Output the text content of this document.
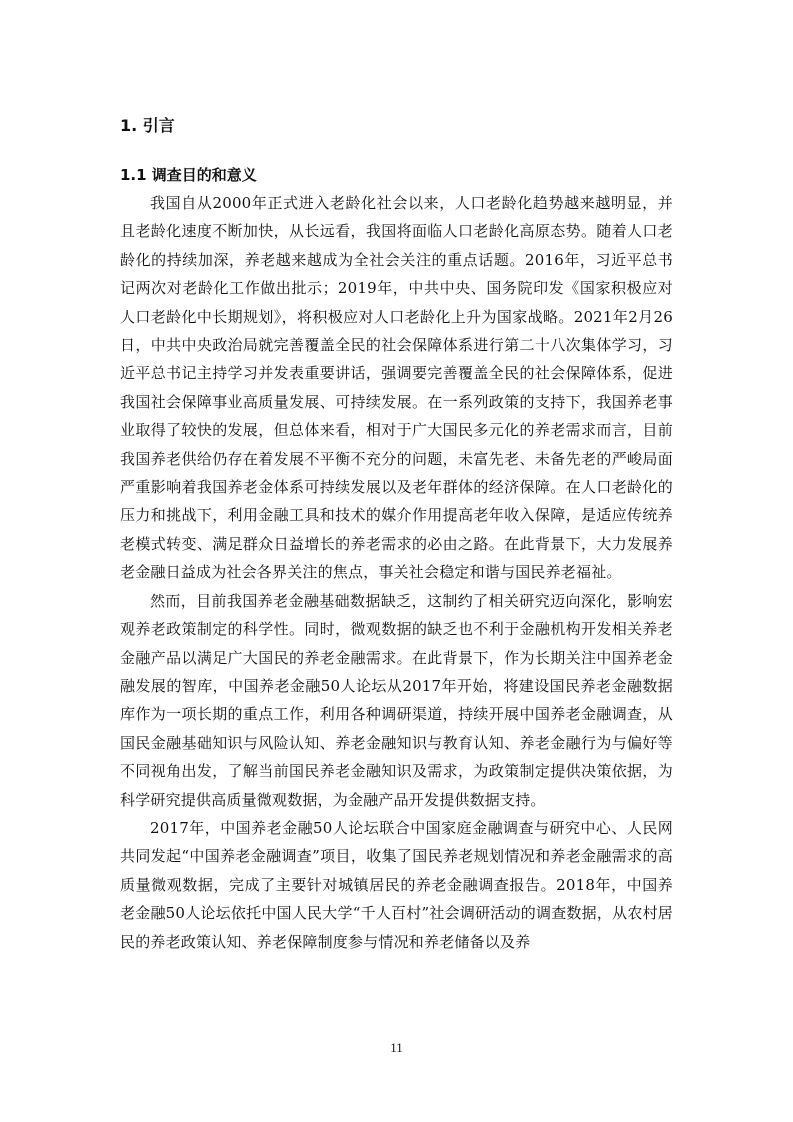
1. 引言
1.1 调查目的和意义

我国自从2000年正式进入老龄化社会以来，人口老龄化趋势越来越明显，并且老龄化速度不断加快，从长远看，我国将面临人口老龄化高原态势。随着人口老龄化的持续加深，养老越来越成为全社会关注的重点话题。2016年，习近平总书记两次对老龄化工作做出批示；2019年，中共中央、国务院印发《国家积极应对人口老龄化中长期规划》，将积极应对人口老龄化上升为国家战略。2021年2月26日，中共中央政治局就完善覆盖全民的社会保障体系进行第二十八次集体学习，习近平总书记主持学习并发表重要讲话，强调要完善覆盖全民的社会保障体系，促进我国社会保障事业高质量发展、可持续发展。在一系列政策的支持下，我国养老事业取得了较快的发展，但总体来看，相对于广大国民多元化的养老需求而言，目前我国养老供给仍存在着发展不平衡不充分的问题，未富先老、未备先老的严峻局面严重影响着我国养老金体系可持续发展以及老年群体的经济保障。在人口老龄化的压力和挑战下，利用金融工具和技术的媒介作用提高老年收入保障，是适应传统养老模式转变、满足群众日益增长的养老需求的必由之路。在此背景下，大力发展养老金融日益成为社会各界关注的焦点，事关社会稳定和谐与国民养老福祉。

然而，目前我国养老金融基础数据缺乏，这制约了相关研究迈向深化，影响宏观养老政策制定的科学性。同时，微观数据的缺乏也不利于金融机构开发相关养老金融产品以满足广大国民的养老金融需求。在此背景下，作为长期关注中国养老金融发展的智库，中国养老金融50人论坛从2017年开始，将建设国民养老金融数据库作为一项长期的重点工作，利用各种调研渠道，持续开展中国养老金融调查，从国民金融基础知识与风险认知、养老金融知识与教育认知、养老金融行为与偏好等不同视角出发，了解当前国民养老金融知识及需求，为政策制定提供决策依据，为科学研究提供高质量微观数据，为金融产品开发提供数据支持。

2017年，中国养老金融50人论坛联合中国家庭金融调查与研究中心、人民网共同发起“中国养老金融调查”项目，收集了国民养老规划情况和养老金融需求的高质量微观数据，完成了主要针对城镇居民的养老金融调查报告。2018年，中国养老金融50人论坛依托中国人民大学“千人百村”社会调研活动的调查数据，从农村居民的养老政策认知、养老保障制度参与情况和养老储备以及养

11
